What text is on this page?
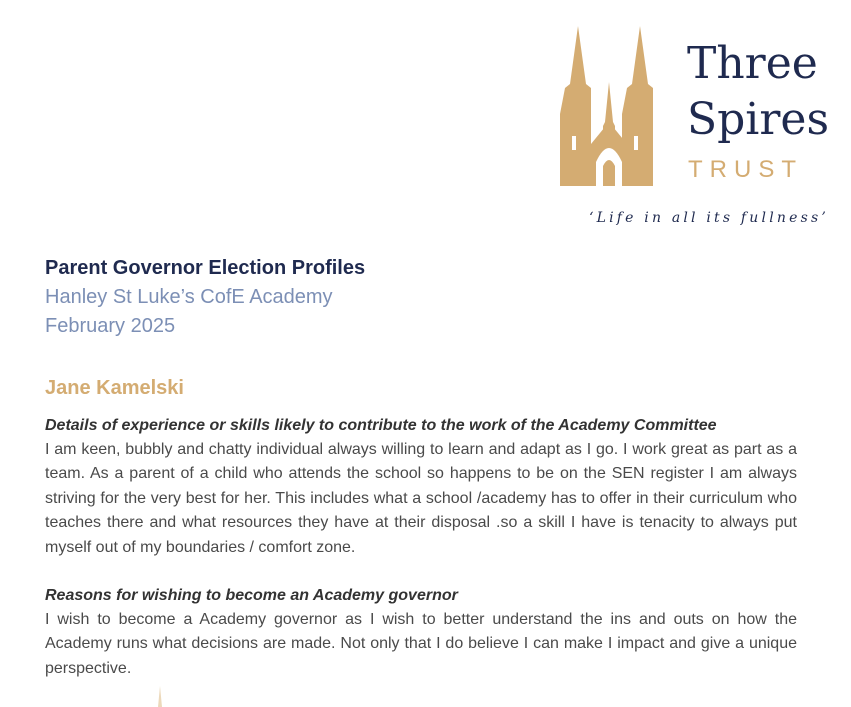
Three
Spires
TRUST
‘Life in all its fullness’
Parent Governor Election Profiles
Hanley St Luke’s CofE Academy
February 2025
Jane Kamelski
Details of experience or skills likely to contribute to the work of the Academy Committee

I am keen, bubbly and chatty individual always willing to learn and adapt as I go. I work great as part as a team. As a parent of a child who attends the school so happens to be on the SEN register I am always striving for the very best for her. This includes what a school /academy has to offer in their curriculum who teaches there and what resources they have at their disposal .so a skill I have is tenacity to always put myself out of my boundaries / comfort zone.

Reasons for wishing to become an Academy governor

I wish to become a Academy governor as I wish to better understand the ins and outs on how the Academy runs what decisions are made. Not only that I do believe I can make I impact and give a unique perspective.
